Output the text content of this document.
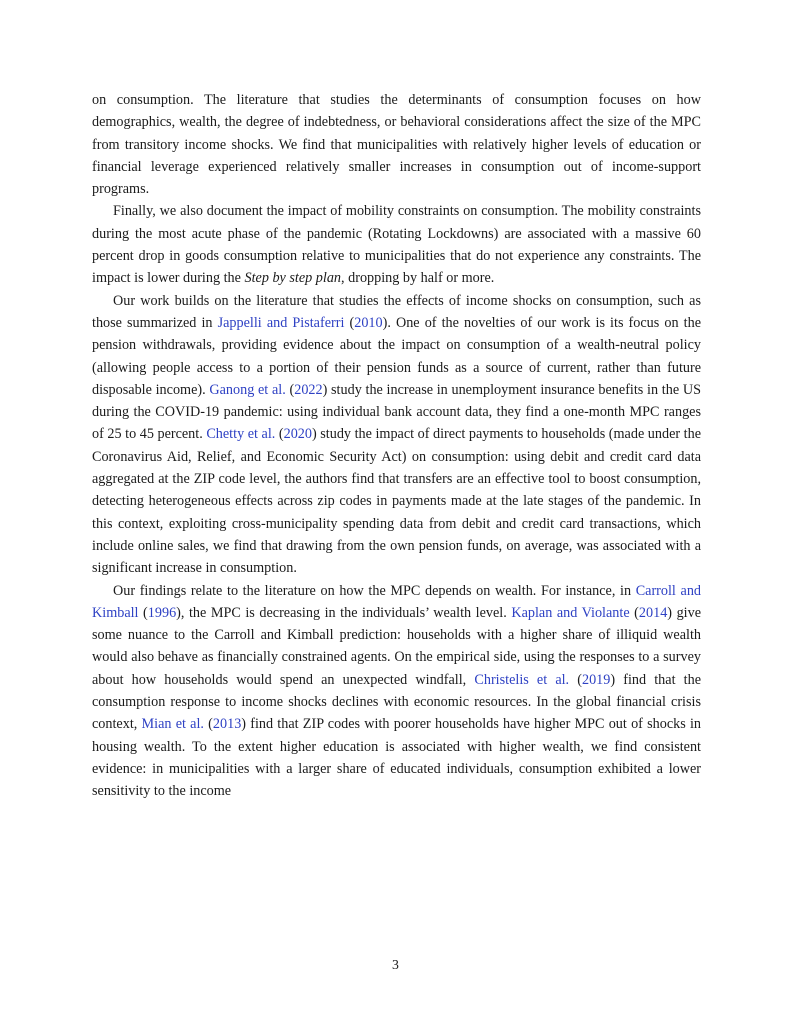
on consumption. The literature that studies the determinants of consumption focuses on how demographics, wealth, the degree of indebtedness, or behavioral considerations affect the size of the MPC from transitory income shocks. We find that municipalities with relatively higher levels of education or financial leverage experienced relatively smaller increases in consumption out of income-support programs.

Finally, we also document the impact of mobility constraints on consumption. The mobility constraints during the most acute phase of the pandemic (Rotating Lockdowns) are associated with a massive 60 percent drop in goods consumption relative to municipalities that do not experience any constraints. The impact is lower during the Step by step plan, dropping by half or more.

Our work builds on the literature that studies the effects of income shocks on consumption, such as those summarized in Jappelli and Pistaferri (2010). One of the novelties of our work is its focus on the pension withdrawals, providing evidence about the impact on consumption of a wealth-neutral policy (allowing people access to a portion of their pension funds as a source of current, rather than future disposable income). Ganong et al. (2022) study the increase in unemployment insurance benefits in the US during the COVID-19 pandemic: using individual bank account data, they find a one-month MPC ranges of 25 to 45 percent. Chetty et al. (2020) study the impact of direct payments to households (made under the Coronavirus Aid, Relief, and Economic Security Act) on consumption: using debit and credit card data aggregated at the ZIP code level, the authors find that transfers are an effective tool to boost consumption, detecting heterogeneous effects across zip codes in payments made at the late stages of the pandemic. In this context, exploiting cross-municipality spending data from debit and credit card transactions, which include online sales, we find that drawing from the own pension funds, on average, was associated with a significant increase in consumption.

Our findings relate to the literature on how the MPC depends on wealth. For instance, in Carroll and Kimball (1996), the MPC is decreasing in the individuals’ wealth level. Kaplan and Violante (2014) give some nuance to the Carroll and Kimball prediction: households with a higher share of illiquid wealth would also behave as financially constrained agents. On the empirical side, using the responses to a survey about how households would spend an unexpected windfall, Christelis et al. (2019) find that the consumption response to income shocks declines with economic resources. In the global financial crisis context, Mian et al. (2013) find that ZIP codes with poorer households have higher MPC out of shocks in housing wealth. To the extent higher education is associated with higher wealth, we find consistent evidence: in municipalities with a larger share of educated individuals, consumption exhibited a lower sensitivity to the income

3
